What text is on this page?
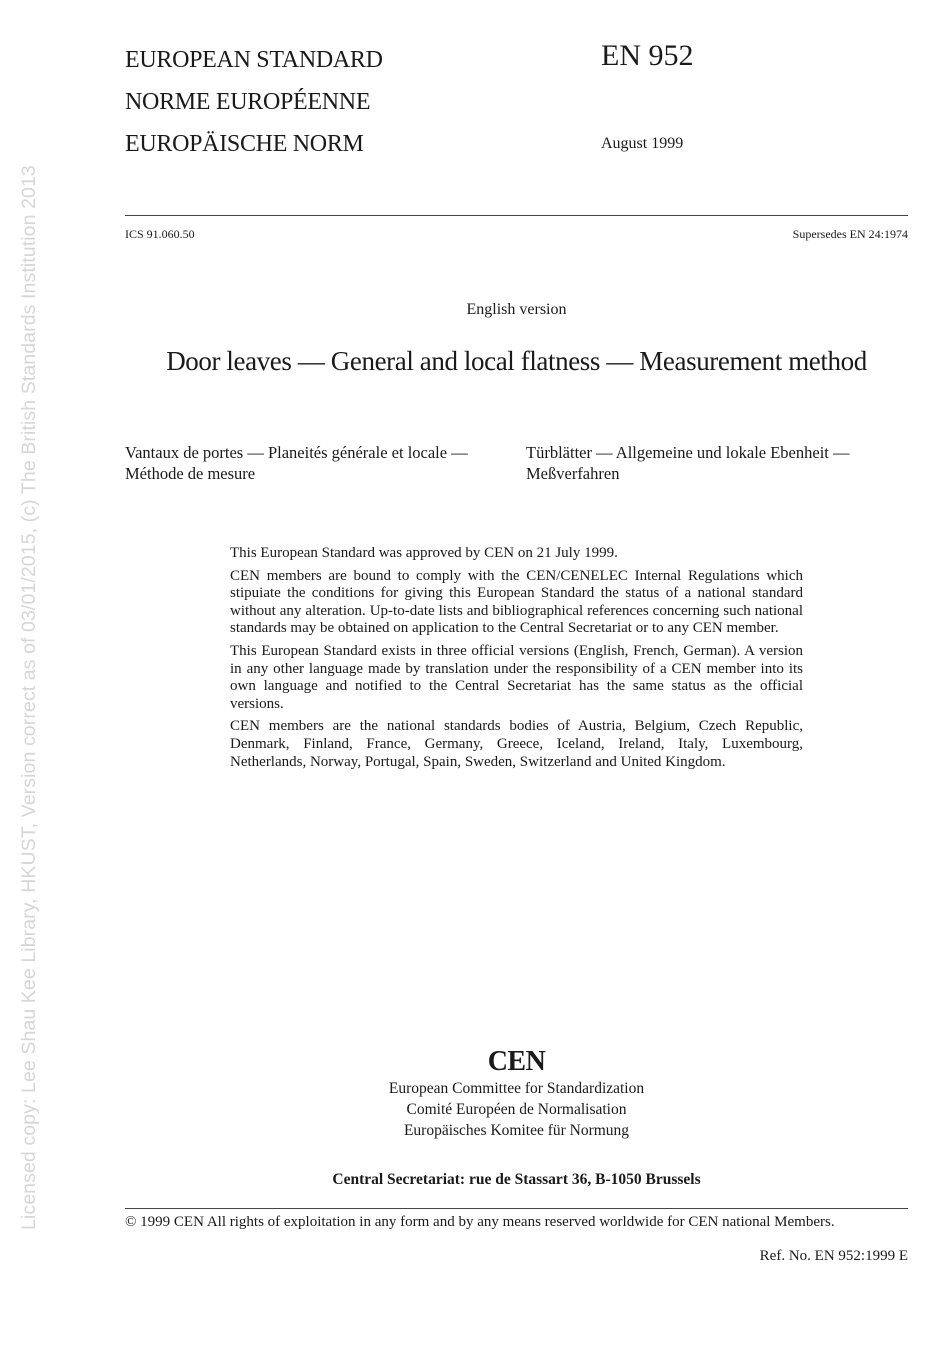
Licensed copy: Lee Shau Kee Library, HKUST, Version correct as of 03/01/2015, (c) The British Standards Institution 2013
EUROPEAN STANDARD
NORME EUROPÉENNE
EUROPÄISCHE NORM
EN 952
August 1999
ICS 91.060.50	Supersedes EN 24:1974
English version
Door leaves — General and local flatness — Measurement method
Vantaux de portes — Planeités générale et locale — Méthode de mesure
Türblätter — Allgemeine und lokale Ebenheit — Meßverfahren

This European Standard was approved by CEN on 21 July 1999.

CEN members are bound to comply with the CEN/CENELEC Internal Regulations which stipuiate the conditions for giving this European Standard the status of a national standard without any alteration. Up-to-date lists and bibliographical references concerning such national standards may be obtained on application to the Central Secretariat or to any CEN member.

This European Standard exists in three official versions (English, French, German). A version in any other language made by translation under the responsibility of a CEN member into its own language and notified to the Central Secretariat has the same status as the official versions.

CEN members are the national standards bodies of Austria, Belgium, Czech Republic, Denmark, Finland, France, Germany, Greece, Iceland, Ireland, Italy, Luxembourg, Netherlands, Norway, Portugal, Spain, Sweden, Switzerland and United Kingdom.

CEN
European Committee for Standardization
Comité Européen de Normalisation
Europäisches Komitee für Normung
Central Secretariat: rue de Stassart 36, B-1050 Brussels
© 1999 CEN All rights of exploitation in any form and by any means reserved worldwide for CEN national Members.
Ref. No. EN 952:1999 E
